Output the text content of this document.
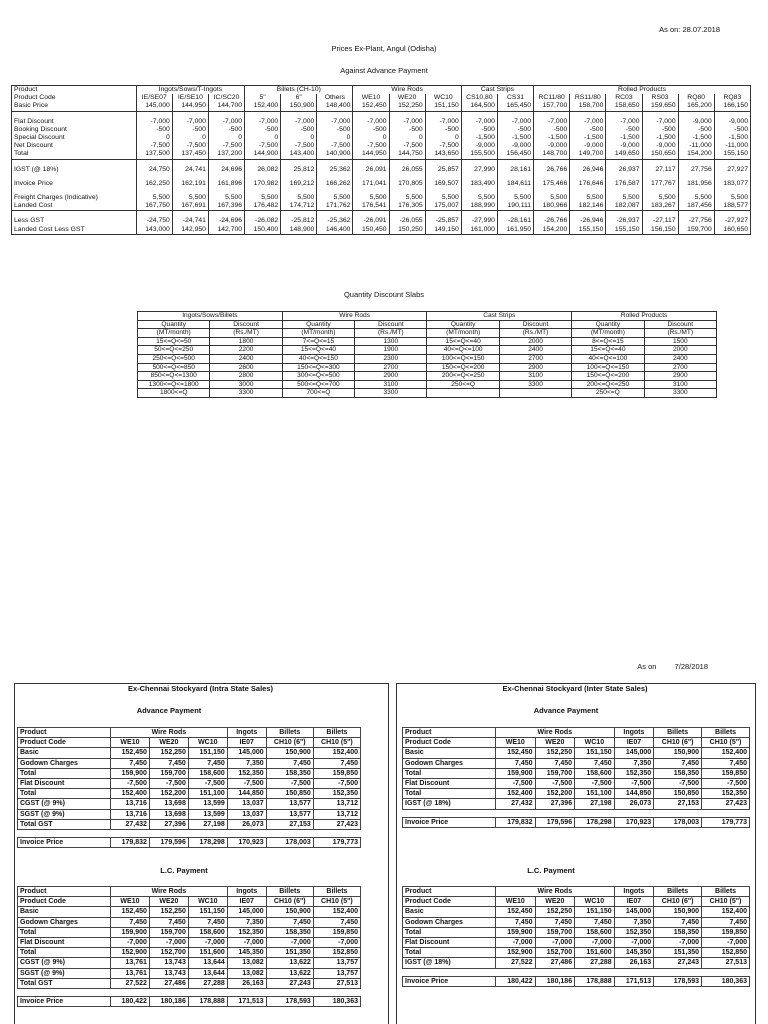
As on: 28.07.2018
Prices Ex-Plant, Angul (Odisha)
Against Advance Payment
Product	Ingots/Sows/T-Ingots			Billets (CH-10)			Wire Rods			Cast Strips		Rolled Products					
Product Code	IE/SE07	IE/SE10	IC/SC20	5"	6"	Others	WE10	WE20	WC10	CS10,80	CS31	RC11/80	RS11/80	RC03	RS03	RQ80	RQ83
Basic Price	145,000	144,950	144,700	152,400	150,900	148,400	152,450	152,250	151,150	164,500	165,450	157,700	158,700	158,650	159,650	165,200	166,150

Flat Discount	-7,000	-7,000	-7,000	-7,000	-7,000	-7,000	-7,000	-7,000	-7,000	-7,000	-7,000	-7,000	-7,000	-7,000	-7,000	-9,000	-9,000
Booking Discount	-500	-500	-500	-500	-500	-500	-500	-500	-500	-500	-500	-500	-500	-500	-500	-500	-500
Special Discount	0	0	0	0	0	0	0	0	0	-1,500	-1,500	-1,500	-1,500	-1,500	-1,500	-1,500	-1,500
Net Discount	-7,500	-7,500	-7,500	-7,500	-7,500	-7,500	-7,500	-7,500	-7,500	-9,000	-9,000	-9,000	-9,000	-9,000	-9,000	-11,000	-11,000
Total	137,500	137,450	137,200	144,900	143,400	140,900	144,950	144,750	143,650	155,500	156,450	148,700	149,700	149,650	150,650	154,200	155,150

IGST (@ 18%)	24,750	24,741	24,696	26,082	25,812	25,362	26,091	26,055	25,857	27,990	28,161	26,766	26,946	26,937	27,117	27,756	27,927

Invoice Price	162,250	162,191	161,896	170,982	169,212	166,262	171,041	170,805	169,507	183,490	184,611	175,466	176,646	176,587	177,767	181,956	183,077

Freight Charges (Indicative)	5,500	5,500	5,500	5,500	5,500	5,500	5,500	5,500	5,500	5,500	5,500	5,500	5,500	5,500	5,500	5,500	5,500
Landed Cost	167,750	167,691	167,396	176,482	174,712	171,762	176,541	176,305	175,007	188,990	190,111	180,966	182,146	182,087	183,267	187,456	188,577

Less GST	-24,750	-24,741	-24,696	-26,082	-25,812	-25,362	-26,091	-26,055	-25,857	-27,990	-28,161	-26,766	-26,946	-26,937	-27,117	-27,756	-27,927
Landed Cost Less GST	143,000	142,950	142,700	150,400	148,900	146,400	150,450	150,250	149,150	161,000	161,950	154,200	155,150	155,150	156,150	159,700	160,650
Quantity Discount Slabs
Ingots/Sows/Billets		Wire Rods		Cast Strips		Rolled Products	
Quantity	Discount	Quantity	Discount	Quantity	Discount	Quantity	Discount
(MT/month)	(Rs./MT)	(MT/month)	(Rs./MT)	(MT/month)	(Rs./MT)	(MT/month)	(Rs./MT)
15<=Q<=50	1800	7<=Q<=15	1300	15<=Q<=40	2000	8<=Q<=15	1500
50<=Q<=250	2200	15<=Q<=40	1900	40<=Q<=100	2400	15<=Q<=40	2000
250<=Q<=500	2400	40<=Q<=150	2300	100<=Q<=150	2700	40<=Q<=100	2400
500<=Q<=850	2600	150<=Q<=300	2700	150<=Q<=200	2900	100<=Q<=150	2700
850<=Q<=1300	2800	300<=Q<=500	2900	200<=Q<=250	3100	150<=Q<=200	2900
1300<=Q<=1800	3000	500<=Q<=700	3100	250<=Q	3300	200<=Q<=250	3100
1800<=Q	3300	700<=Q	3300			250<=Q	3300
As on 7/28/2018
Ex-Chennai Stockyard (Intra State Sales)	Ex-Chennai Stockyard (Inter State Sales)
Advance Payment	Advance Payment
Product	Wire Rods			Ingots	Billets	Billets
Product Code	WE10	WE20	WC10	IE07	CH10 (6")	CH10 (5")
Basic	152,450	152,250	151,150	145,000	150,900	152,400
Godown Charges	7,450	7,450	7,450	7,350	7,450	7,450
Total	159,900	159,700	158,600	152,350	158,350	159,850
Flat Discount	-7,500	-7,500	-7,500	-7,500	-7,500	-7,500
Total	152,400	152,200	151,100	144,850	150,850	152,350
CGST (@ 9%)	13,716	13,698	13,599	13,037	13,577	13,712
SGST (@ 9%)	13,716	13,698	13,599	13,037	13,577	13,712
Total GST	27,432	27,396	27,198	26,073	27,153	27,423

Invoice Price	179,832	179,596	178,298	170,923	178,003	179,773
Product	Wire Rods			Ingots	Billets	Billets
Product Code	WE10	WE20	WC10	IE07	CH10 (6")	CH10 (5")
Basic	152,450	152,250	151,150	145,000	150,900	152,400
Godown Charges	7,450	7,450	7,450	7,350	7,450	7,450
Total	159,900	159,700	158,600	152,350	158,350	159,850
Flat Discount	-7,500	-7,500	-7,500	-7,500	-7,500	-7,500
Total	152,400	152,200	151,100	144,850	150,850	152,350
IGST (@ 18%)	27,432	27,396	27,198	26,073	27,153	27,423

Invoice Price	179,832	179,596	178,298	170,923	178,003	179,773
L.C. Payment	L.C. Payment
Product	Wire Rods			Ingots	Billets	Billets
Product Code	WE10	WE20	WC10	IE07	CH10 (6")	CH10 (5")
Basic	152,450	152,250	151,150	145,000	150,900	152,400
Godown Charges	7,450	7,450	7,450	7,350	7,450	7,450
Total	159,900	159,700	158,600	152,350	158,350	159,850
Flat Discount	-7,000	-7,000	-7,000	-7,000	-7,000	-7,000
Total	152,900	152,700	151,600	145,350	151,350	152,850
CGST (@ 9%)	13,761	13,743	13,644	13,082	13,622	13,757
SGST (@ 9%)	13,761	13,743	13,644	13,082	13,622	13,757
Total GST	27,522	27,486	27,288	26,163	27,243	27,513

Invoice Price	180,422	180,186	178,888	171,513	178,593	180,363
Product	Wire Rods			Ingots	Billets	Billets
Product Code	WE10	WE20	WC10	IE07	CH10 (6")	CH10 (5")
Basic	152,450	152,250	151,150	145,000	150,900	152,400
Godown Charges	7,450	7,450	7,450	7,350	7,450	7,450
Total	159,900	159,700	158,600	152,350	158,350	159,850
Flat Discount	-7,000	-7,000	-7,000	-7,000	-7,000	-7,000
Total	152,900	152,700	151,600	145,350	151,350	152,850
IGST (@ 18%)	27,522	27,486	27,288	26,163	27,243	27,513

Invoice Price	180,422	180,186	178,888	171,513	178,593	180,363
